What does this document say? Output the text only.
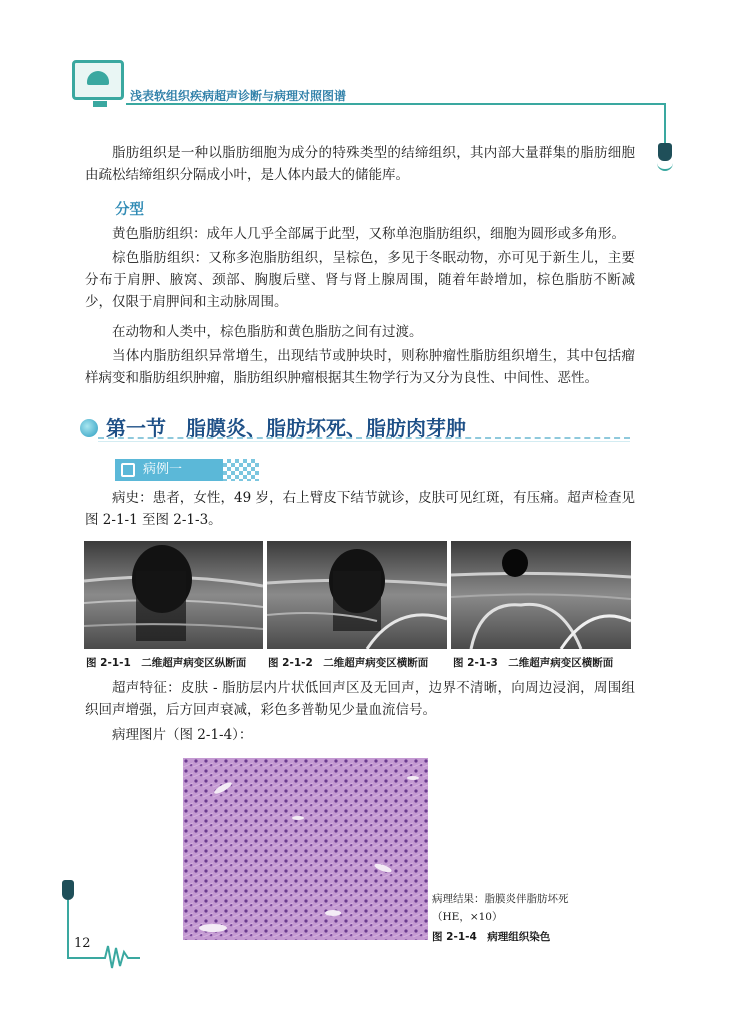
浅表软组织疾病超声诊断与病理对照图谱
脂肪组织是一种以脂肪细胞为成分的特殊类型的结缔组织，其内部大量群集的脂肪细胞由疏松结缔组织分隔成小叶，是人体内最大的储能库。
分型
黄色脂肪组织：成年人几乎全部属于此型，又称单泡脂肪组织，细胞为圆形或多角形。
棕色脂肪组织：又称多泡脂肪组织，呈棕色，多见于冬眠动物，亦可见于新生儿，主要分布于肩胛、腋窝、颈部、胸腹后壁、肾与肾上腺周围，随着年龄增加，棕色脂肪不断减少，仅限于肩胛间和主动脉周围。
在动物和人类中，棕色脂肪和黄色脂肪之间有过渡。
当体内脂肪组织异常增生，出现结节或肿块时，则称肿瘤性脂肪组织增生，其中包括瘤样病变和脂肪组织肿瘤，脂肪组织肿瘤根据其生物学行为又分为良性、中间性、恶性。
第一节　脂膜炎、脂肪坏死、脂肪肉芽肿
病例一
病史：患者，女性，49 岁，右上臂皮下结节就诊，皮肤可见红斑，有压痛。超声检查见图 2-1-1 至图 2-1-3。
图 2-1-1　二维超声病变区纵断面 图 2-1-2　二维超声病变区横断面 图 2-1-3　二维超声病变区横断面
超声特征：皮肤 - 脂肪层内片状低回声区及无回声，边界不清晰，向周边浸润，周围组织回声增强，后方回声衰减，彩色多普勒见少量血流信号。
病理图片（图 2-1-4）：
病理结果：脂膜炎伴脂肪坏死（HE，×10）
图 2-1-4　病理组织染色
12
